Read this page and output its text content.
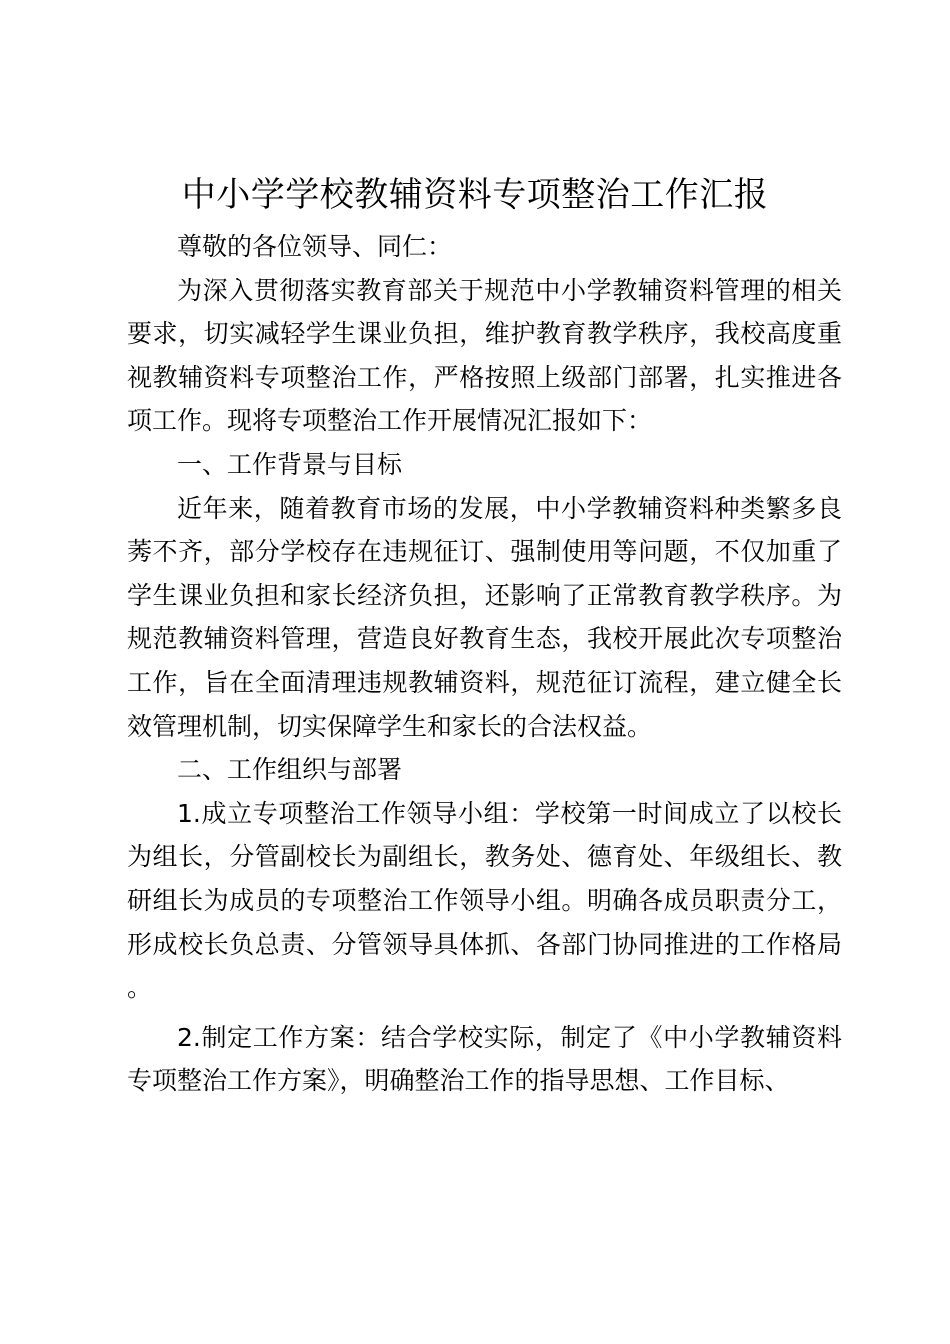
中小学学校教辅资料专项整治工作汇报

尊敬的各位领导、同仁：

为深入贯彻落实教育部关于规范中小学教辅资料管理的相关要求，切实减轻学生课业负担，维护教育教学秩序，我校高度重视教辅资料专项整治工作，严格按照上级部门部署，扎实推进各项工作。现将专项整治工作开展情况汇报如下：

一、工作背景与目标

近年来，随着教育市场的发展，中小学教辅资料种类繁多良莠不齐，部分学校存在违规征订、强制使用等问题，不仅加重了学生课业负担和家长经济负担，还影响了正常教育教学秩序。为规范教辅资料管理，营造良好教育生态，我校开展此次专项整治工作，旨在全面清理违规教辅资料，规范征订流程，建立健全长效管理机制，切实保障学生和家长的合法权益。

二、工作组织与部署

1.成立专项整治工作领导小组：学校第一时间成立了以校长为组长，分管副校长为副组长，教务处、德育处、年级组长、教研组长为成员的专项整治工作领导小组。明确各成员职责分工，形成校长负总责、分管领导具体抓、各部门协同推进的工作格局。

2.制定工作方案：结合学校实际，制定了《中小学教辅资料专项整治工作方案》，明确整治工作的指导思想、工作目标、
